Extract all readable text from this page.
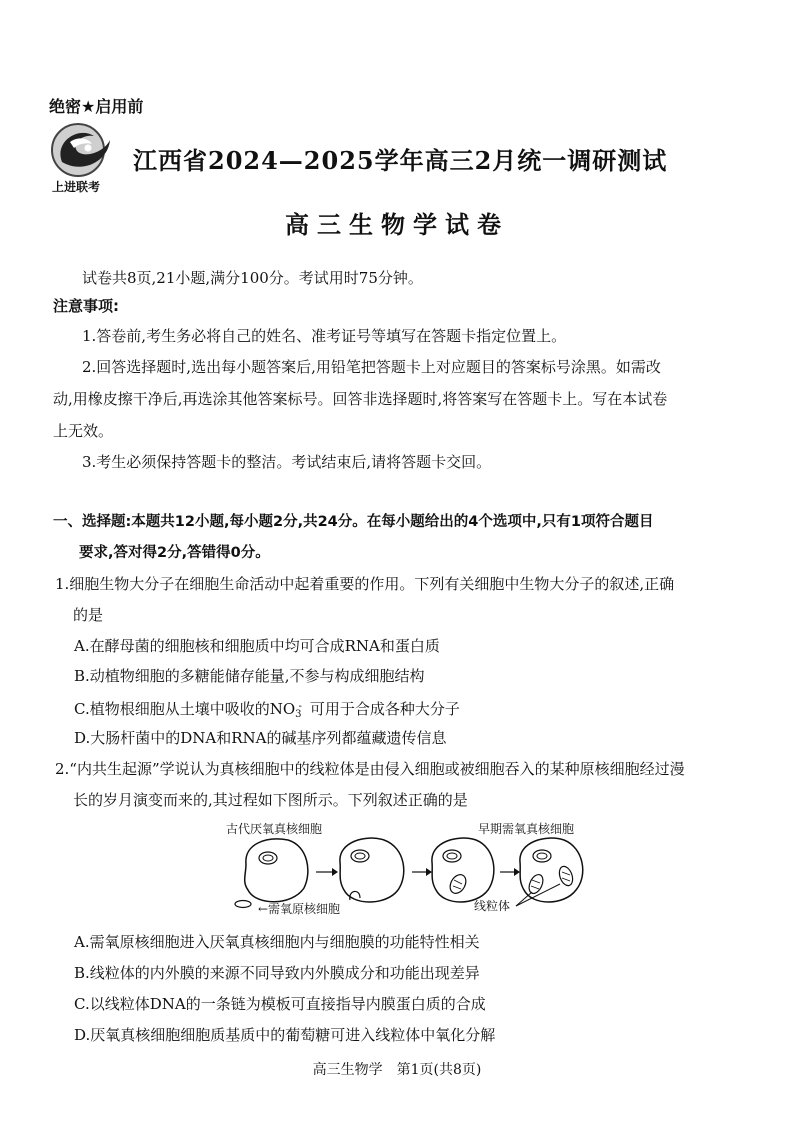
绝密★启用前
上进联考
江西省2024—2025学年高三2月统一调研测试
高三生物学试卷
试卷共8页,21小题,满分100分。考试用时75分钟。
注意事项:
1.答卷前,考生务必将自己的姓名、准考证号等填写在答题卡指定位置上。
2.回答选择题时,选出每小题答案后,用铅笔把答题卡上对应题目的答案标号涂黑。如需改
动,用橡皮擦干净后,再选涂其他答案标号。回答非选择题时,将答案写在答题卡上。写在本试卷
上无效。
3.考生必须保持答题卡的整洁。考试结束后,请将答题卡交回。
一、选择题:本题共12小题,每小题2分,共24分。在每小题给出的4个选项中,只有1项符合题目
要求,答对得2分,答错得0分。
1.细胞生物大分子在细胞生命活动中起着重要的作用。下列有关细胞中生物大分子的叙述,正确
的是
A.在酵母菌的细胞核和细胞质中均可合成RNA和蛋白质
B.动植物细胞的多糖能储存能量,不参与构成细胞结构
C.植物根细胞从土壤中吸收的$NO_3^-$ 可用于合成各种大分子
D.大肠杆菌中的DNA和RNA的碱基序列都蕴藏遗传信息
2.“内共生起源”学说认为真核细胞中的线粒体是由侵入细胞或被细胞吞入的某种原核细胞经过漫
长的岁月演变而来的,其过程如下图所示。下列叙述正确的是
古代厌氧真核细胞	早期需氧真核细胞
←需氧原核细胞	线粒体
A.需氧原核细胞进入厌氧真核细胞内与细胞膜的功能特性相关
B.线粒体的内外膜的来源不同导致内外膜成分和功能出现差异
C.以线粒体DNA的一条链为模板可直接指导内膜蛋白质的合成
D.厌氧真核细胞细胞质基质中的葡萄糖可进入线粒体中氧化分解
高三生物学　第1页(共8页)
